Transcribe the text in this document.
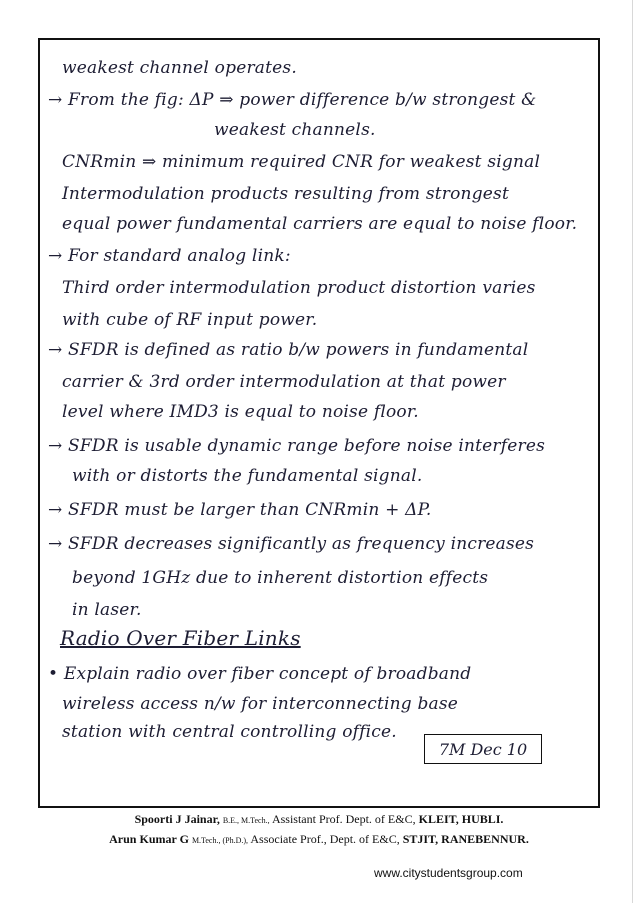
weakest channel operates.
→ From the fig: ΔP ⇒ power difference b/w strongest &
weakest channels.
CNRmin ⇒ minimum required CNR for weakest signal
Intermodulation products resulting from strongest
equal power fundamental carriers are equal to noise floor.
→ For standard analog link:
Third order intermodulation product distortion varies
with cube of RF input power.
→ SFDR is defined as ratio b/w powers in fundamental
carrier & 3rd order intermodulation at that power
level where IMD3 is equal to noise floor.
→ SFDR is usable dynamic range before noise interferes
with or distorts the fundamental signal.
→ SFDR must be larger than CNRmin + ΔP.
→ SFDR decreases significantly as frequency increases
beyond 1GHz due to inherent distortion effects
in laser.
Radio Over Fiber Links
• Explain radio over fiber concept of broadband
wireless access n/w for interconnecting base
station with central controlling office.
7M Dec 10
Spoorti J Jainar, B.E., M.Tech., Assistant Prof. Dept. of E&C, KLEIT, HUBLI.
Arun Kumar G M.Tech., (Ph.D.), Associate Prof., Dept. of E&C, STJIT, RANEBENNUR.
www.citystudentsgroup.com
